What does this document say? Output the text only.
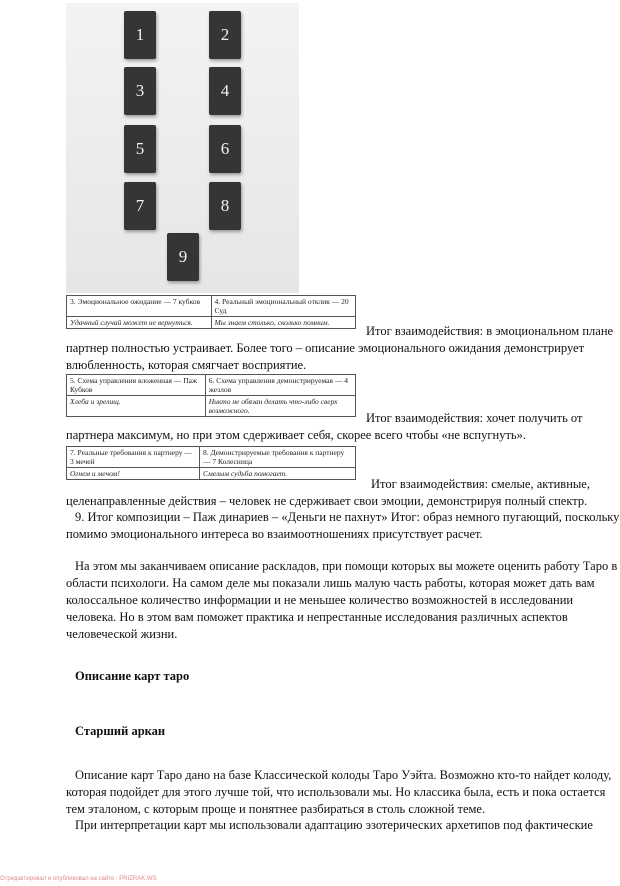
1	2
3	4
5	6
7	8
9
3. Эмоциональное ожидание — 7 кубков	4. Реальный эмоциональный отклик — 20 Суд
Удачный случай может не вернуться.	Мы знаем столько, сколько помним.
Итог взаимодействия: в эмоциональном плане
партнер полностью устраивает. Более того – описание эмоционального ожидания демонстрирует
влюбленность, которая смягчает восприятие.
5. Схема управления вложенная — Паж Кубков	6. Схема управления демонстрируемая — 4 жезлов
Хлеба и зрелищ.	Никто не обязан делать что-либо сверх возможного.
Итог взаимодействия: хочет получить от
партнера максимум, но при этом сдерживает себя, скорее всего чтобы «не вспугнуть».
7. Реальные требования к партнеру — 3 мечей	8. Демонстрируемые требования к партнеру — 7 Колесница
Огнем и мечом!	Смелым судьба помогает.
Итог взаимодействия: смелые, активные,
целенаправленные действия – человек не сдерживает свои эмоции, демонстрируя полный спектр.
9. Итог композиции – Паж динариев – «Деньги не пахнут» Итог: образ немного пугающий, поскольку
помимо эмоционального интереса во взаимоотношениях присутствует расчет.
На этом мы заканчиваем описание раскладов, при помощи которых вы можете оценить работу Таро в
области психологи. На самом деле мы показали лишь малую часть работы, которая может дать вам
колоссальное количество информации и не меньшее количество возможностей в исследовании
человека. Но в этом вам поможет практика и непрестанные исследования различных аспектов
человеческой жизни.
Описание карт таро
Старший аркан
Описание карт Таро дано на базе Классической колоды Таро Уэйта. Возможно кто-то найдет колоду,
которая подойдет для этого лучше той, что использовали мы. Но классика была, есть и пока остается
тем эталоном, с которым проще и понятнее разбираться в столь сложной теме.
При интерпретации карт мы использовали адаптацию эзотерических архетипов под фактические
Отредактировал и опубликовал на сайте : PRIZRAK.WS
